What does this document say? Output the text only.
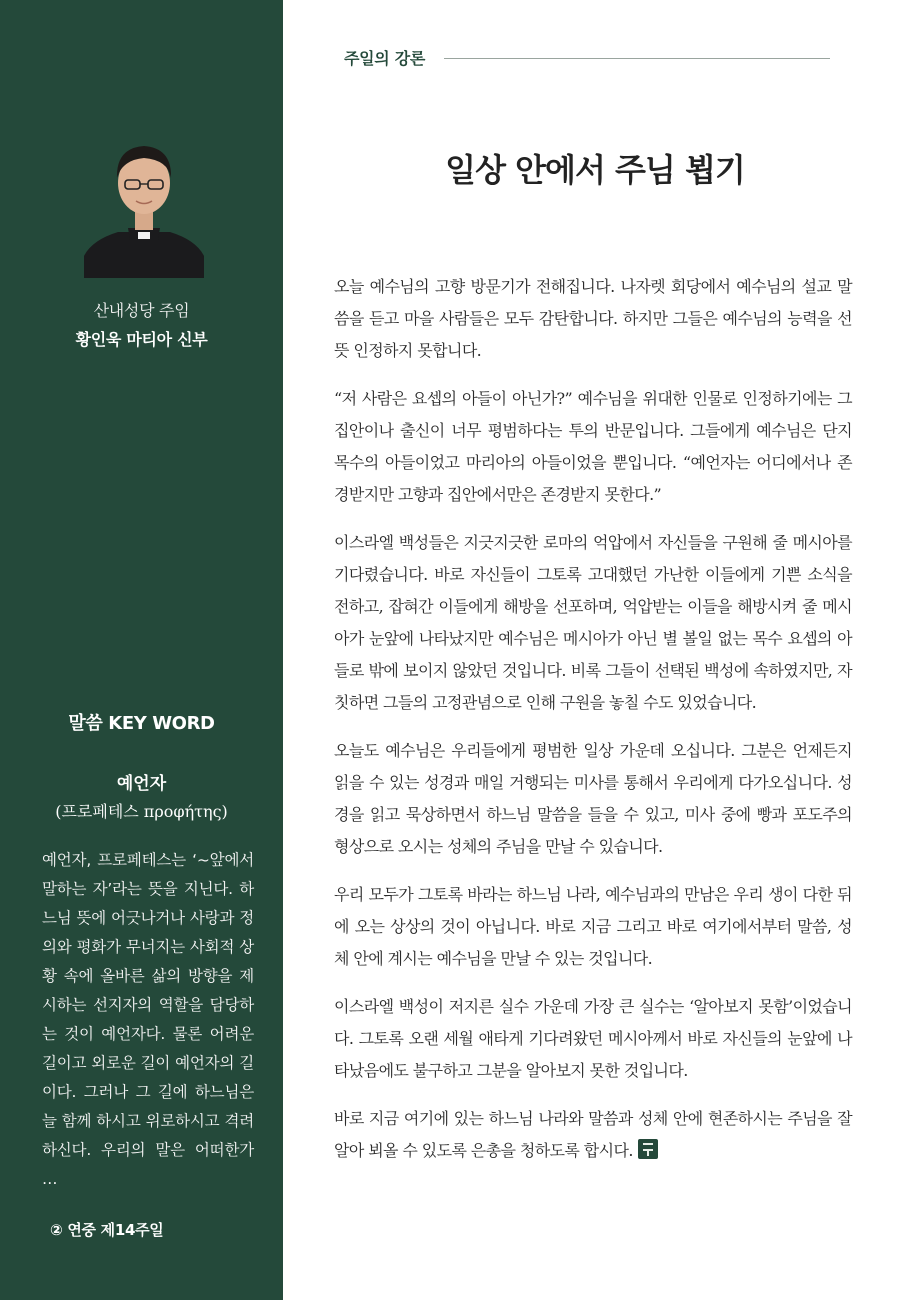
산내성당 주임
황인욱 마티아 신부
말씀 KEY WORD
예언자
(프로페테스 προφήτης)
예언자, 프로페테스는 ‘~앞에서 말하는 자’라는 뜻을 지닌다. 하느님 뜻에 어긋나거나 사랑과 정의와 평화가 무너지는 사회적 상황 속에 올바른 삶의 방향을 제시하는 선지자의 역할을 담당하는 것이 예언자다. 물론 어려운 길이고 외로운 길이 예언자의 길이다. 그러나 그 길에 하느님은 늘 함께 하시고 위로하시고 격려하신다. 우리의 말은 어떠한가 …
② 연중 제14주일
주일의 강론
일상 안에서 주님 뵙기

오늘 예수님의 고향 방문기가 전해집니다. 나자렛 회당에서 예수님의 설교 말씀을 듣고 마을 사람들은 모두 감탄합니다. 하지만 그들은 예수님의 능력을 선뜻 인정하지 못합니다.

“저 사람은 요셉의 아들이 아닌가?” 예수님을 위대한 인물로 인정하기에는 그 집안이나 출신이 너무 평범하다는 투의 반문입니다. 그들에게 예수님은 단지 목수의 아들이었고 마리아의 아들이었을 뿐입니다. “예언자는 어디에서나 존경받지만 고향과 집안에서만은 존경받지 못한다.”

이스라엘 백성들은 지긋지긋한 로마의 억압에서 자신들을 구원해 줄 메시아를 기다렸습니다. 바로 자신들이 그토록 고대했던 가난한 이들에게 기쁜 소식을 전하고, 잡혀간 이들에게 해방을 선포하며, 억압받는 이들을 해방시켜 줄 메시아가 눈앞에 나타났지만 예수님은 메시아가 아닌 별 볼일 없는 목수 요셉의 아들로 밖에 보이지 않았던 것입니다. 비록 그들이 선택된 백성에 속하였지만, 자칫하면 그들의 고정관념으로 인해 구원을 놓칠 수도 있었습니다.

오늘도 예수님은 우리들에게 평범한 일상 가운데 오십니다. 그분은 언제든지 읽을 수 있는 성경과 매일 거행되는 미사를 통해서 우리에게 다가오십니다. 성경을 읽고 묵상하면서 하느님 말씀을 들을 수 있고, 미사 중에 빵과 포도주의 형상으로 오시는 성체의 주님을 만날 수 있습니다.

우리 모두가 그토록 바라는 하느님 나라, 예수님과의 만남은 우리 생이 다한 뒤에 오는 상상의 것이 아닙니다. 바로 지금 그리고 바로 여기에서부터 말씀, 성체 안에 계시는 예수님을 만날 수 있는 것입니다.

이스라엘 백성이 저지른 실수 가운데 가장 큰 실수는 ‘알아보지 못함’이었습니다. 그토록 오랜 세월 애타게 기다려왔던 메시아께서 바로 자신들의 눈앞에 나타났음에도 불구하고 그분을 알아보지 못한 것입니다.

바로 지금 여기에 있는 하느님 나라와 말씀과 성체 안에 현존하시는 주님을 잘 알아 뵈올 수 있도록 은총을 청하도록 합시다.
